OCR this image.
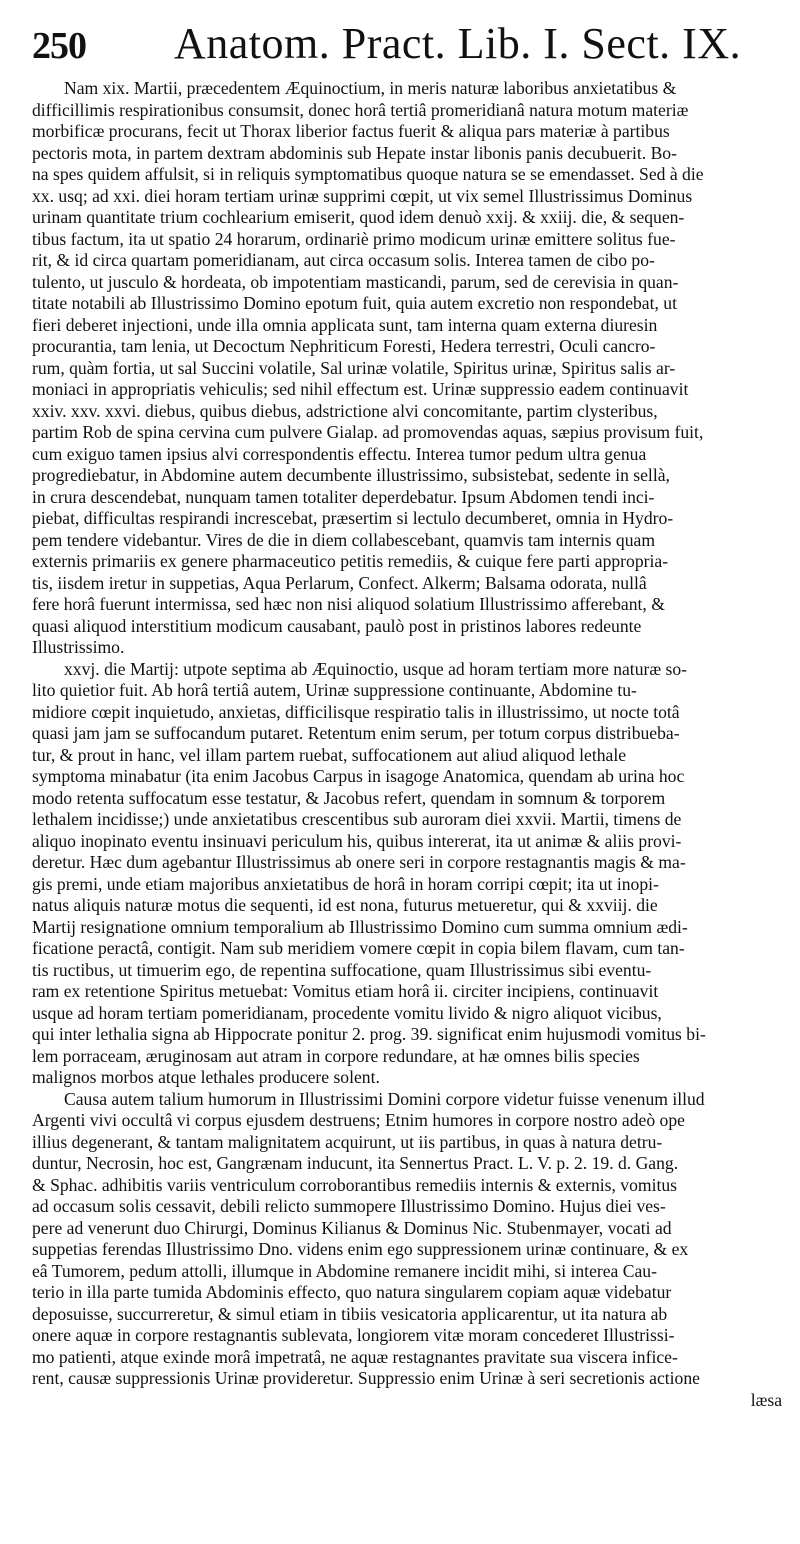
250 Anatom. Pract. Lib. I. Sect. IX.
Nam xix. Martii, præcedentem Æquinoctium, in meris naturæ laboribus anxietatibus &
difficillimis respirationibus consumsit, donec horâ tertiâ promeridianâ natura motum materiæ
morbificæ procurans, fecit ut Thorax liberior factus fuerit & aliqua pars materiæ à partibus
pectoris mota, in partem dextram abdominis sub Hepate instar libonis panis decubuerit. Bo-
na spes quidem affulsit, si in reliquis symptomatibus quoque natura se se emendasset. Sed à die
xx. usq; ad xxi. diei horam tertiam urinæ supprimi cœpit, ut vix semel Illustrissimus Dominus
urinam quantitate trium cochlearium emiserit, quod idem denuò xxij. & xxiij. die, & sequen-
tibus factum, ita ut spatio 24 horarum, ordinariè primo modicum urinæ emittere solitus fue-
rit, & id circa quartam pomeridianam, aut circa occasum solis. Interea tamen de cibo po-
tulento, ut jusculo & hordeata, ob impotentiam masticandi, parum, sed de cerevisia in quan-
titate notabili ab Illustrissimo Domino epotum fuit, quia autem excretio non respondebat, ut
fieri deberet injectioni, unde illa omnia applicata sunt, tam interna quam externa diuresin
procurantia, tam lenia, ut Decoctum Nephriticum Foresti, Hedera terrestri, Oculi cancro-
rum, quàm fortia, ut sal Succini volatile, Sal urinæ volatile, Spiritus urinæ, Spiritus salis ar-
moniaci in appropriatis vehiculis; sed nihil effectum est. Urinæ suppressio eadem continuavit
xxiv. xxv. xxvi. diebus, quibus diebus, adstrictione alvi concomitante, partim clysteribus,
partim Rob de spina cervina cum pulvere Gialap. ad promovendas aquas, sæpius provisum fuit,
cum exiguo tamen ipsius alvi correspondentis effectu. Interea tumor pedum ultra genua
progrediebatur, in Abdomine autem decumbente illustrissimo, subsistebat, sedente in sellà,
in crura descendebat, nunquam tamen totaliter deperdebatur. Ipsum Abdomen tendi inci-
piebat, difficultas respirandi increscebat, præsertim si lectulo decumberet, omnia in Hydro-
pem tendere videbantur. Vires de die in diem collabescebant, quamvis tam internis quam
externis primariis ex genere pharmaceutico petitis remediis, & cuique fere parti appropria-
tis, iisdem iretur in suppetias, Aqua Perlarum, Confect. Alkerm; Balsama odorata, nullâ
fere horâ fuerunt intermissa, sed hæc non nisi aliquod solatium Illustrissimo afferebant, &
quasi aliquod interstitium modicum causabant, paulò post in pristinos labores redeunte
Illustrissimo.
xxvj. die Martij: utpote septima ab Æquinoctio, usque ad horam tertiam more naturæ so-
lito quietior fuit. Ab horâ tertiâ autem, Urinæ suppressione continuante, Abdomine tu-
midiore cœpit inquietudo, anxietas, difficilisque respiratio talis in illustrissimo, ut nocte totâ
quasi jam jam se suffocandum putaret. Retentum enim serum, per totum corpus distribueba-
tur, & prout in hanc, vel illam partem ruebat, suffocationem aut aliud aliquod lethale
symptoma minabatur (ita enim Jacobus Carpus in isagoge Anatomica, quendam ab urina hoc
modo retenta suffocatum esse testatur, & Jacobus refert, quendam in somnum & torporem
lethalem incidisse;) unde anxietatibus crescentibus sub auroram diei xxvii. Martii, timens de
aliquo inopinato eventu insinuavi periculum his, quibus intererat, ita ut animæ & aliis provi-
deretur. Hæc dum agebantur Illustrissimus ab onere seri in corpore restagnantis magis & ma-
gis premi, unde etiam majoribus anxietatibus de horâ in horam corripi cœpit; ita ut inopi-
natus aliquis naturæ motus die sequenti, id est nona, futurus metueretur, qui & xxviij. die
Martij resignatione omnium temporalium ab Illustrissimo Domino cum summa omnium ædi-
ficatione peractâ, contigit. Nam sub meridiem vomere cœpit in copia bilem flavam, cum tan-
tis ructibus, ut timuerim ego, de repentina suffocatione, quam Illustrissimus sibi eventu-
ram ex retentione Spiritus metuebat: Vomitus etiam horâ ii. circiter incipiens, continuavit
usque ad horam tertiam pomeridianam, procedente vomitu livido & nigro aliquot vicibus,
qui inter lethalia signa ab Hippocrate ponitur 2. prog. 39. significat enim hujusmodi vomitus bi-
lem porraceam, æruginosam aut atram in corpore redundare, at hæ omnes bilis species
malignos morbos atque lethales producere solent.
Causa autem talium humorum in Illustrissimi Domini corpore videtur fuisse venenum illud
Argenti vivi occultâ vi corpus ejusdem destruens; Etnim humores in corpore nostro adeò ope
illius degenerant, & tantam malignitatem acquirunt, ut iis partibus, in quas à natura detru-
duntur, Necrosin, hoc est, Gangrænam inducunt, ita Sennertus Pract. L. V. p. 2. 19. d. Gang.
& Sphac. adhibitis variis ventriculum corroborantibus remediis internis & externis, vomitus
ad occasum solis cessavit, debili relicto summopere Illustrissimo Domino. Hujus diei ves-
pere ad venerunt duo Chirurgi, Dominus Kilianus & Dominus Nic. Stubenmayer, vocati ad
suppetias ferendas Illustrissimo Dno. videns enim ego suppressionem urinæ continuare, & ex
eâ Tumorem, pedum attolli, illumque in Abdomine remanere incidit mihi, si interea Cau-
terio in illa parte tumida Abdominis effecto, quo natura singularem copiam aquæ videbatur
deposuisse, succurreretur, & simul etiam in tibiis vesicatoria applicarentur, ut ita natura ab
onere aquæ in corpore restagnantis sublevata, longiorem vitæ moram concederet Illustrissi-
mo patienti, atque exinde morâ impetratâ, ne aquæ restagnantes pravitate sua viscera infice-
rent, causæ suppressionis Urinæ provideretur. Suppressio enim Urinæ à seri secretionis actione
læsa
